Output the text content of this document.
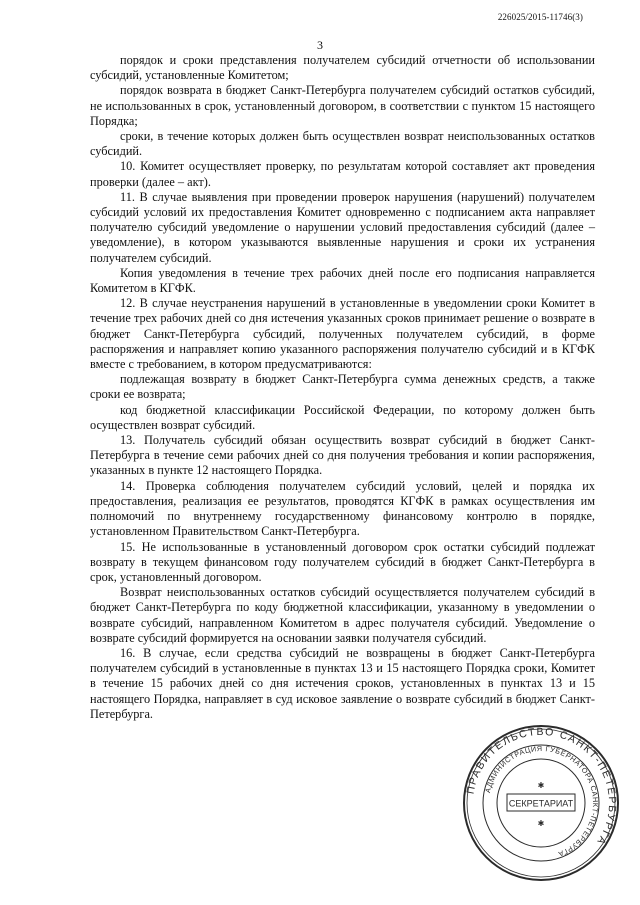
226025/2015-11746(3)
3

порядок и сроки представления получателем субсидий отчетности об использовании субсидий, установленные Комитетом;

порядок возврата в бюджет Санкт-Петербурга получателем субсидий остатков субсидий, не использованных в срок, установленный договором, в соответствии с пунктом 15 настоящего Порядка;

сроки, в течение которых должен быть осуществлен возврат неиспользованных остатков субсидий.

10. Комитет осуществляет проверку, по результатам которой составляет акт проведения проверки (далее – акт).

11. В случае выявления при проведении проверок нарушения (нарушений) получателем субсидий условий их предоставления Комитет одновременно с подписанием акта направляет получателю субсидий уведомление о нарушении условий предоставления субсидий (далее – уведомление), в котором указываются выявленные нарушения и сроки их устранения получателем субсидий.

Копия уведомления в течение трех рабочих дней после его подписания направляется Комитетом в КГФК.

12. В случае неустранения нарушений в установленные в уведомлении сроки Комитет в течение трех рабочих дней со дня истечения указанных сроков принимает решение о возврате в бюджет Санкт-Петербурга субсидий, полученных получателем субсидий, в форме распоряжения и направляет копию указанного распоряжения получателю субсидий и в КГФК вместе с требованием, в котором предусматриваются:

подлежащая возврату в бюджет Санкт-Петербурга сумма денежных средств, а также сроки ее возврата;

код бюджетной классификации Российской Федерации, по которому должен быть осуществлен возврат субсидий.

13. Получатель субсидий обязан осуществить возврат субсидий в бюджет Санкт-Петербурга в течение семи рабочих дней со дня получения требования и копии распоряжения, указанных в пункте 12 настоящего Порядка.

14. Проверка соблюдения получателем субсидий условий, целей и порядка их предоставления, реализация ее результатов, проводятся КГФК в рамках осуществления им полномочий по внутреннему государственному финансовому контролю в порядке, установленном Правительством Санкт-Петербурга.

15. Не использованные в установленный договором срок остатки субсидий подлежат возврату в текущем финансовом году получателем субсидий в бюджет Санкт-Петербурга в срок, установленный договором.

Возврат неиспользованных остатков субсидий осуществляется получателем субсидий в бюджет Санкт-Петербурга по коду бюджетной классификации, указанному в уведомлении о возврате субсидий, направленном Комитетом в адрес получателя субсидий. Уведомление о возврате субсидий формируется на основании заявки получателя субсидий.

16. В случае, если средства субсидий не возвращены в бюджет Санкт-Петербурга получателем субсидий в установленные в пунктах 13 и 15 настоящего Порядка сроки, Комитет в течение 15 рабочих дней со дня истечения сроков, установленных в пунктах 13 и 15 настоящего Порядка, направляет в суд исковое заявление о возврате субсидий в бюджет Санкт-Петербурга.

ПРАВИТЕЛЬСТВО САНКТ-ПЕТЕРБУРГА
АДМИНИСТРАЦИЯ ГУБЕРНАТОРА САНКТ-ПЕТЕРБУРГА
СЕКРЕТАРИАТ
✱
✱
